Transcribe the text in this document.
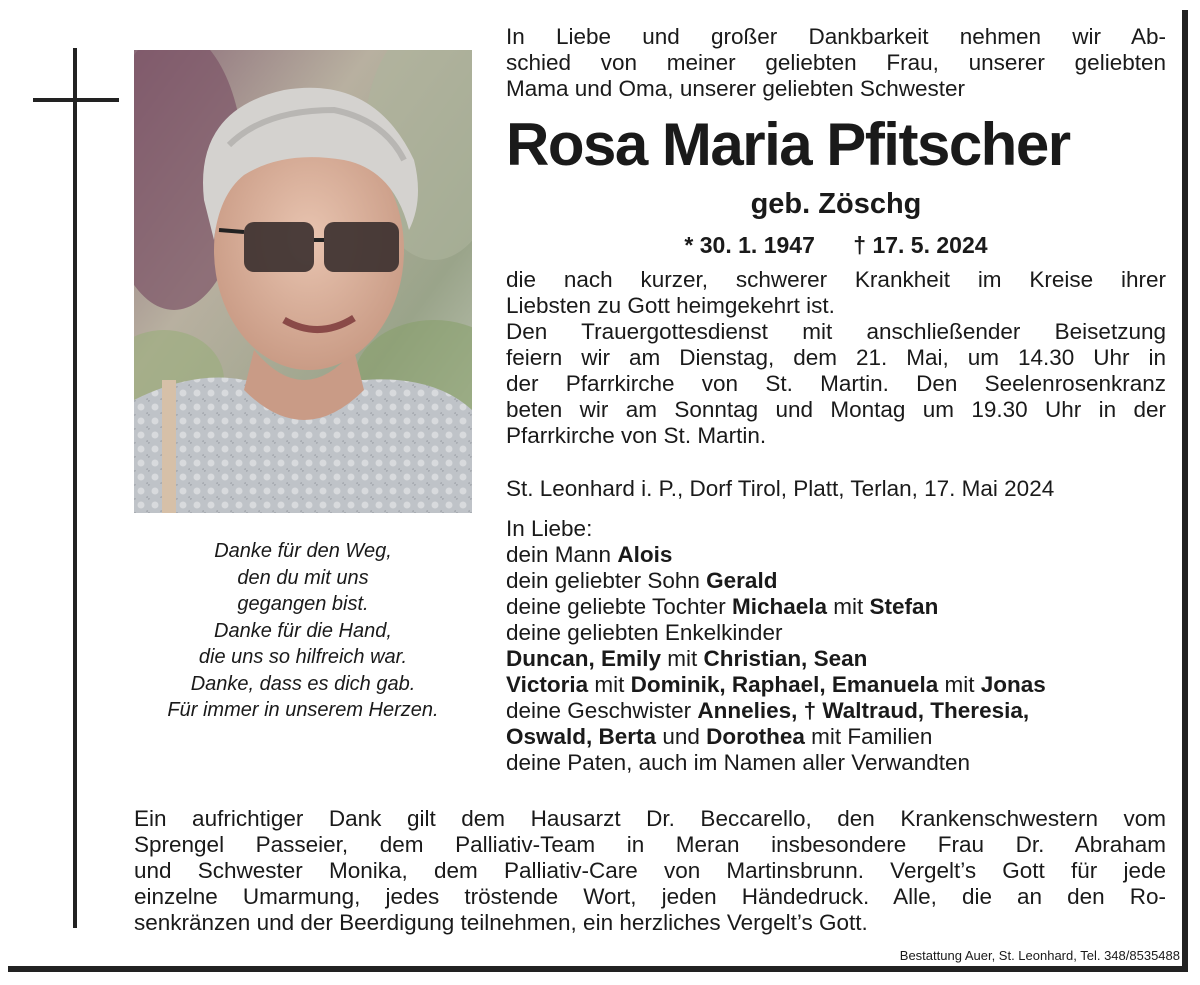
Danke für den Weg,
den du mit uns
gegangen bist.
Danke für die Hand,
die uns so hilfreich war.
Danke, dass es dich gab.
Für immer in unserem Herzen.
In Liebe und großer Dankbarkeit nehmen wir Ab-
schied von meiner geliebten Frau, unserer geliebten
Mama und Oma, unserer geliebten Schwester
Rosa Maria Pfitscher
geb. Zöschg
* 30. 1. 1947 † 17. 5. 2024
die nach kurzer, schwerer Krankheit im Kreise ihrer
Liebsten zu Gott heimgekehrt ist.
Den Trauergottesdienst mit anschließender Beisetzung
feiern wir am Dienstag, dem 21. Mai, um 14.30 Uhr in
der Pfarrkirche von St. Martin. Den Seelenrosenkranz
beten wir am Sonntag und Montag um 19.30 Uhr in der
Pfarrkirche von St. Martin.
St. Leonhard i. P., Dorf Tirol, Platt, Terlan, 17. Mai 2024
In Liebe:
dein Mann Alois
dein geliebter Sohn Gerald
deine geliebte Tochter Michaela mit Stefan
deine geliebten Enkelkinder
Duncan, Emily mit Christian, Sean
Victoria mit Dominik, Raphael, Emanuela mit Jonas
deine Geschwister Annelies, † Waltraud, Theresia,
Oswald, Berta und Dorothea mit Familien
deine Paten, auch im Namen aller Verwandten
Ein aufrichtiger Dank gilt dem Hausarzt Dr. Beccarello, den Krankenschwestern vom
Sprengel Passeier, dem Palliativ-Team in Meran insbesondere Frau Dr. Abraham
und Schwester Monika, dem Palliativ-Care von Martinsbrunn. Vergelt’s Gott für jede
einzelne Umarmung, jedes tröstende Wort, jeden Händedruck. Alle, die an den Ro-
senkränzen und der Beerdigung teilnehmen, ein herzliches Vergelt’s Gott.
Bestattung Auer, St. Leonhard, Tel. 348/8535488
